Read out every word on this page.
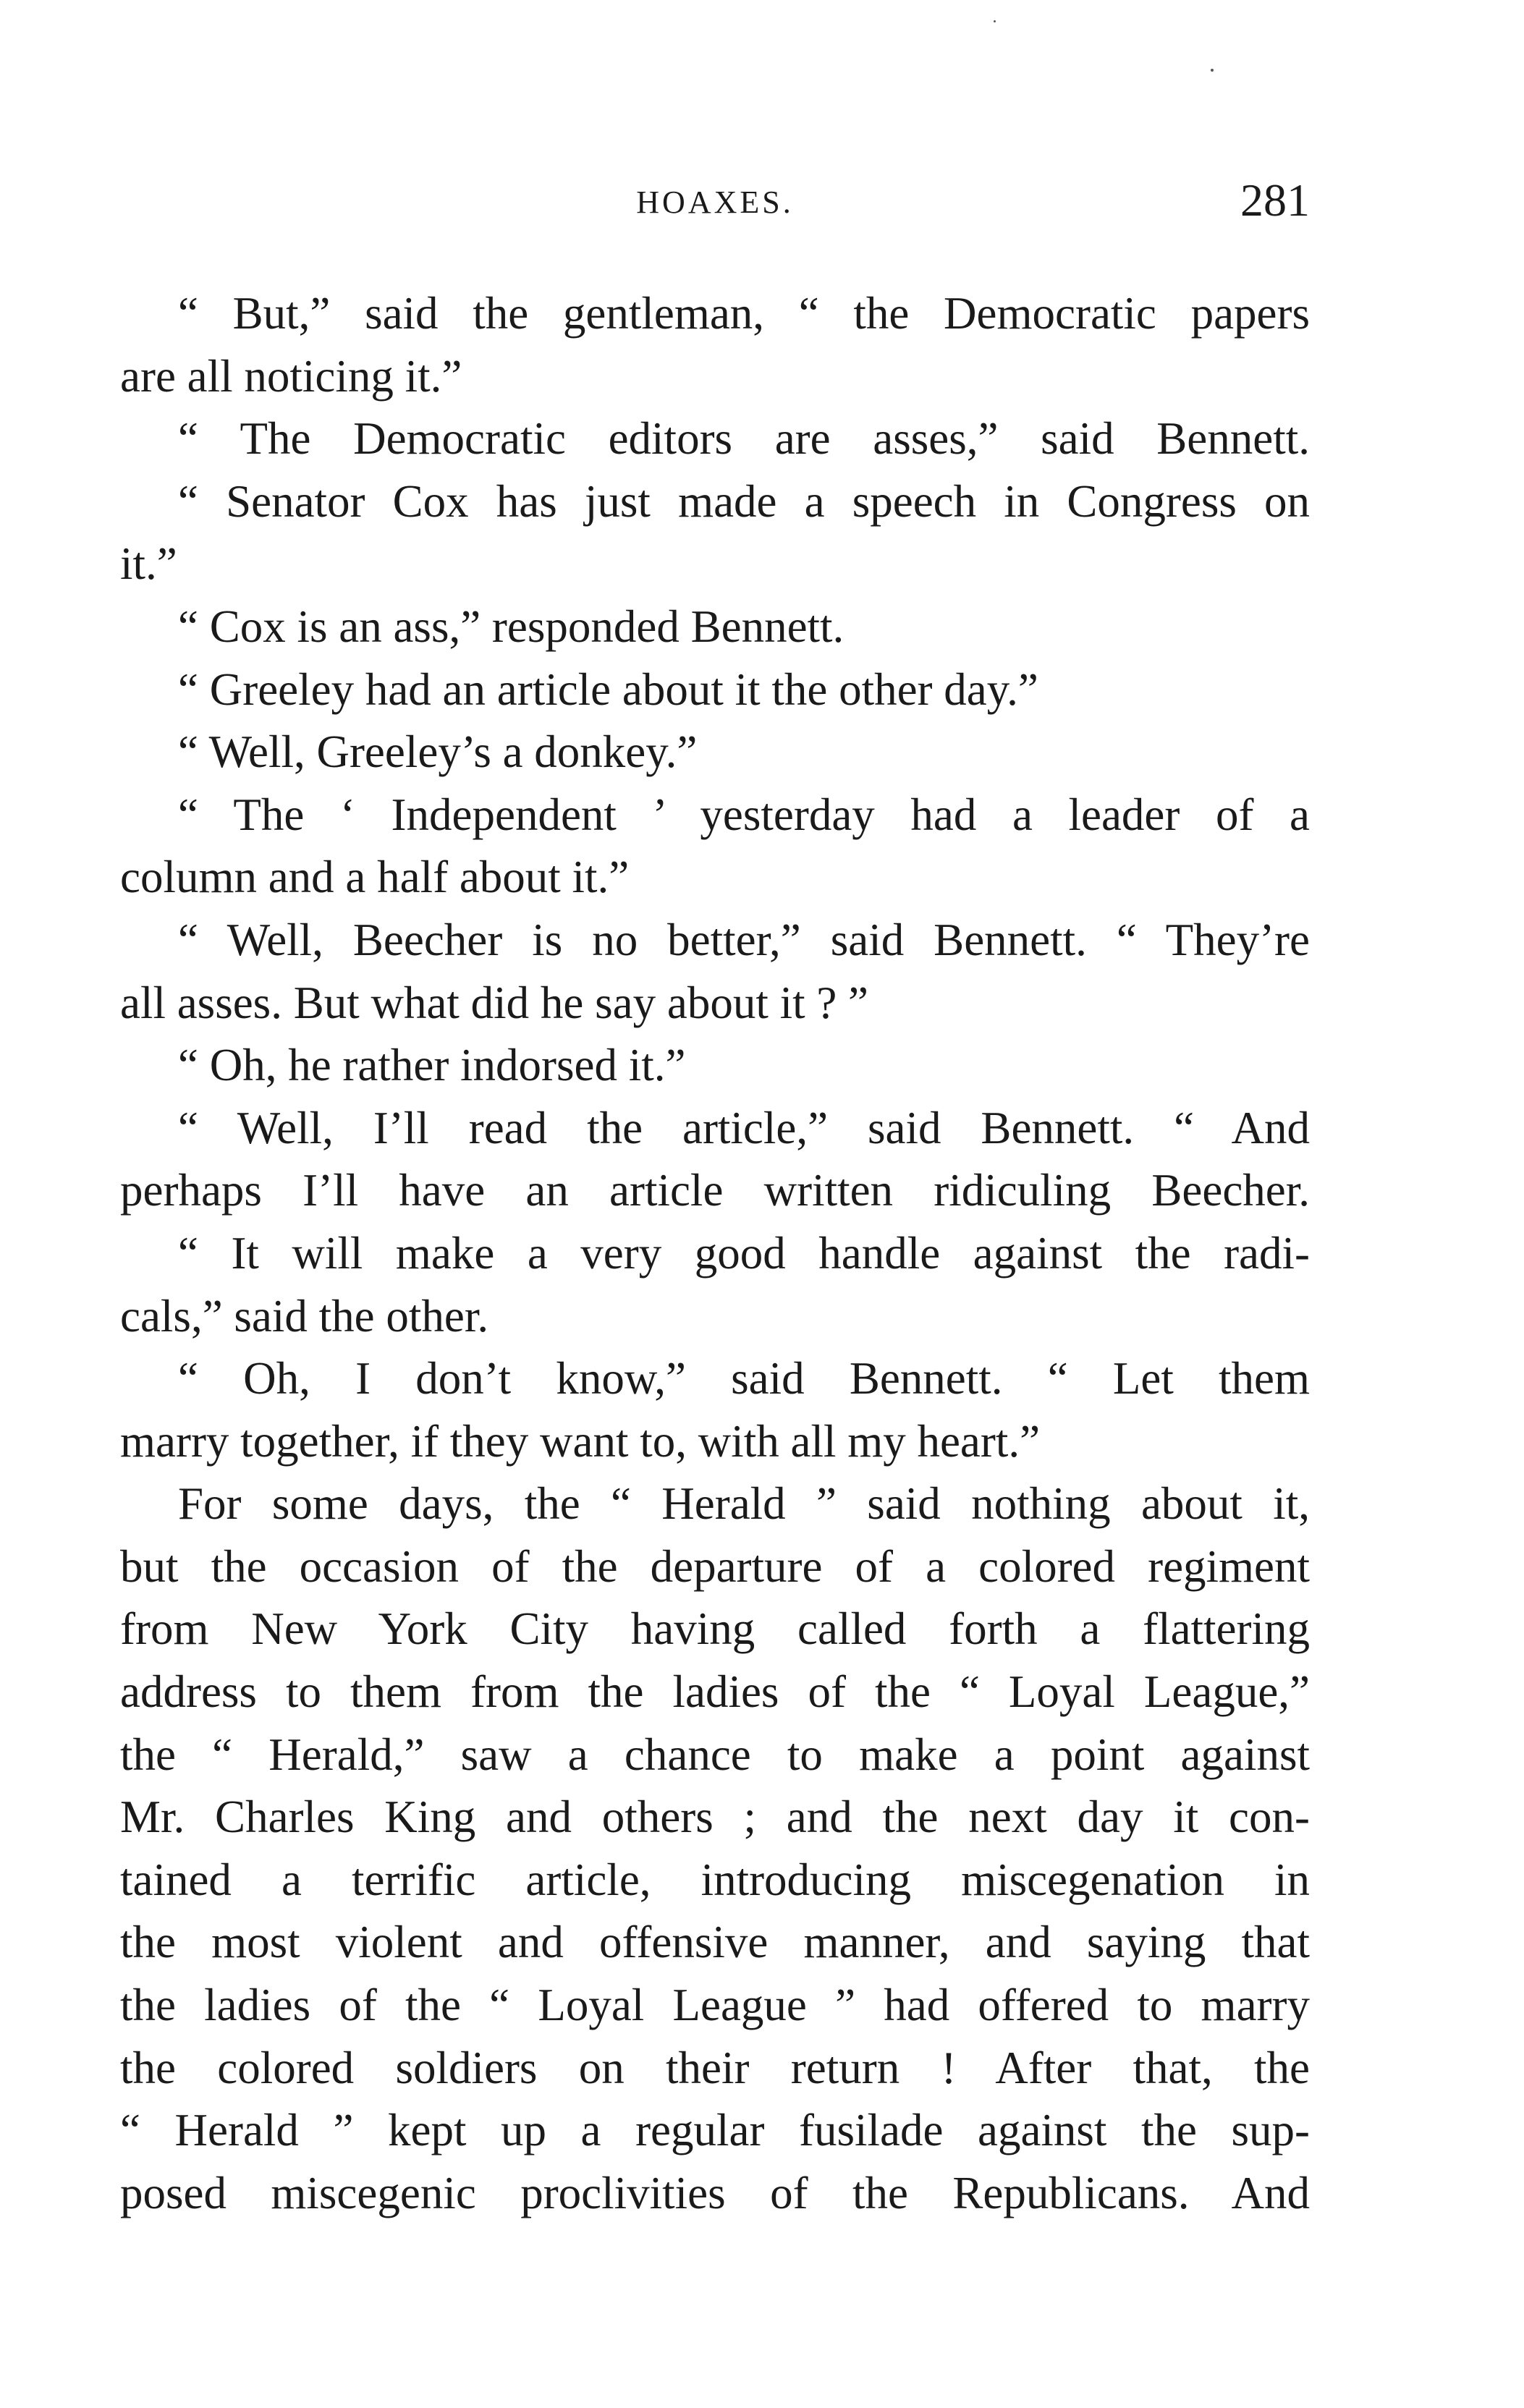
HOAXES.	281
“ But,” said the gentleman, “ the Democratic papers
are all noticing it.”
“ The Democratic editors are asses,” said Bennett.
“ Senator Cox has just made a speech in Congress on
it.”
“ Cox is an ass,” responded Bennett.
“ Greeley had an article about it the other day.”
“ Well, Greeley’s a donkey.”
“ The ‘ Independent ’ yesterday had a leader of a
column and a half about it.”
“ Well, Beecher is no better,” said Bennett. “ They’re
all asses. But what did he say about it ? ”
“ Oh, he rather indorsed it.”
“ Well, I’ll read the article,” said Bennett. “ And
perhaps I’ll have an article written ridiculing Beecher.
“ It will make a very good handle against the radi-
cals,” said the other.
“ Oh, I don’t know,” said Bennett. “ Let them
marry together, if they want to, with all my heart.”
For some days, the “ Herald ” said nothing about it,
but the occasion of the departure of a colored regiment
from New York City having called forth a flattering
address to them from the ladies of the “ Loyal League,”
the “ Herald,” saw a chance to make a point against
Mr. Charles King and others ; and the next day it con-
tained a terrific article, introducing miscegenation in
the most violent and offensive manner, and saying that
the ladies of the “ Loyal League ” had offered to marry
the colored soldiers on their return ! After that, the
“ Herald ” kept up a regular fusilade against the sup-
posed miscegenic proclivities of the Republicans. And
